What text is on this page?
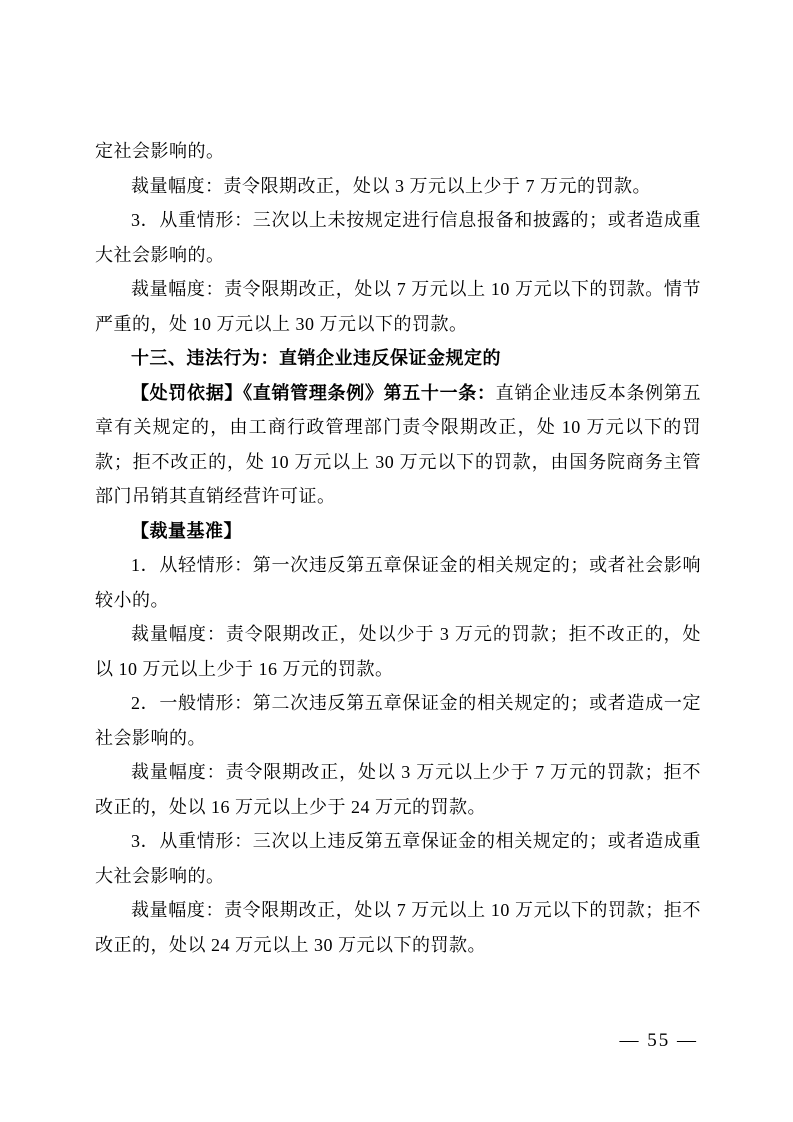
定社会影响的。

裁量幅度：责令限期改正，处以 3 万元以上少于 7 万元的罚款。

3．从重情形：三次以上未按规定进行信息报备和披露的；或者造成重大社会影响的。

裁量幅度：责令限期改正，处以 7 万元以上 10 万元以下的罚款。情节严重的，处 10 万元以上 30 万元以下的罚款。

十三、违法行为：直销企业违反保证金规定的

【处罚依据】《直销管理条例》第五十一条：直销企业违反本条例第五章有关规定的，由工商行政管理部门责令限期改正，处 10 万元以下的罚款；拒不改正的，处 10 万元以上 30 万元以下的罚款，由国务院商务主管部门吊销其直销经营许可证。

【裁量基准】

1．从轻情形：第一次违反第五章保证金的相关规定的；或者社会影响较小的。

裁量幅度：责令限期改正，处以少于 3 万元的罚款；拒不改正的，处以 10 万元以上少于 16 万元的罚款。

2．一般情形：第二次违反第五章保证金的相关规定的；或者造成一定社会影响的。

裁量幅度：责令限期改正，处以 3 万元以上少于 7 万元的罚款；拒不改正的，处以 16 万元以上少于 24 万元的罚款。

3．从重情形：三次以上违反第五章保证金的相关规定的；或者造成重大社会影响的。

裁量幅度：责令限期改正，处以 7 万元以上 10 万元以下的罚款；拒不改正的，处以 24 万元以上 30 万元以下的罚款。

— 55 —
